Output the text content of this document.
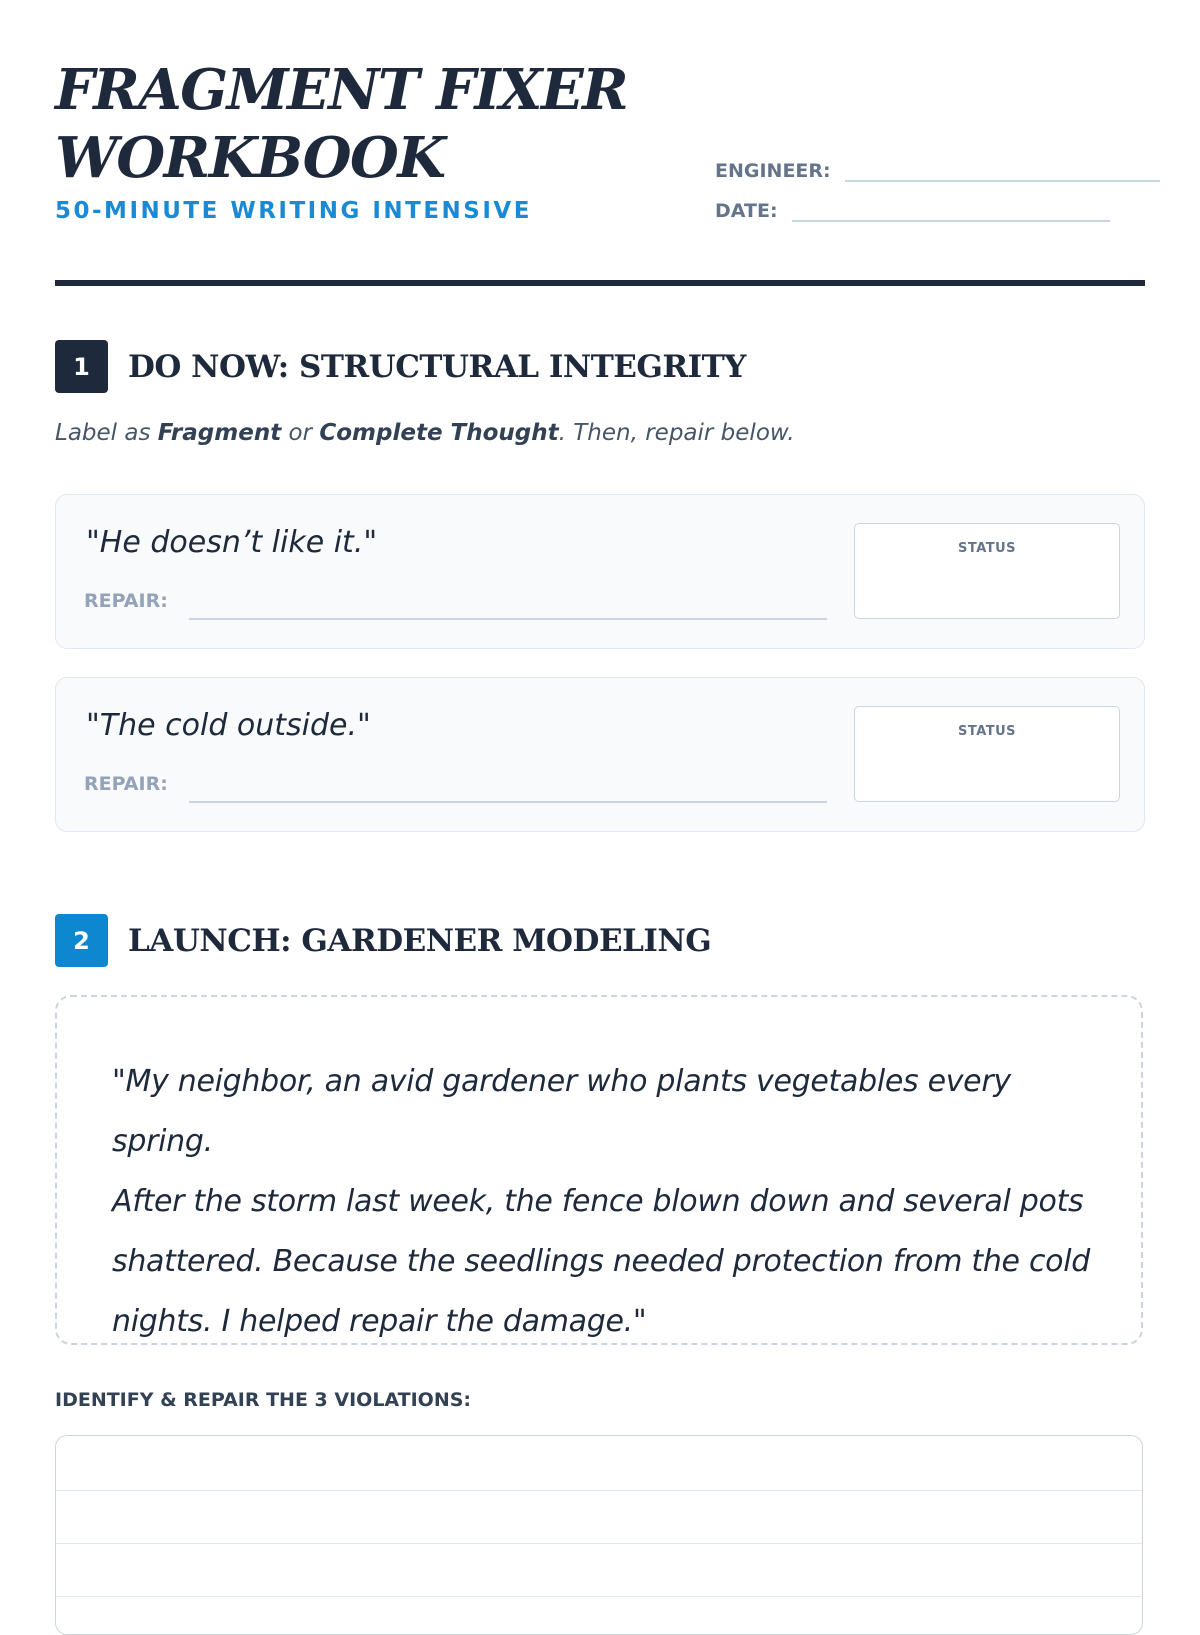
FRAGMENT FIXER
WORKBOOK
50-MINUTE WRITING INTENSIVE
ENGINEER:
DATE:
1	DO NOW: STRUCTURAL INTEGRITY
Label as Fragment or Complete Thought. Then, repair below.
"He doesn’t like it."
REPAIR:
STATUS
"The cold outside."
REPAIR:
STATUS
2	LAUNCH: GARDENER MODELING
"My neighbor, an avid gardener who plants vegetables every spring.
After the storm last week, the fence blown down and several pots
shattered. Because the seedlings needed protection from the cold
nights. I helped repair the damage."
IDENTIFY & REPAIR THE 3 VIOLATIONS:
